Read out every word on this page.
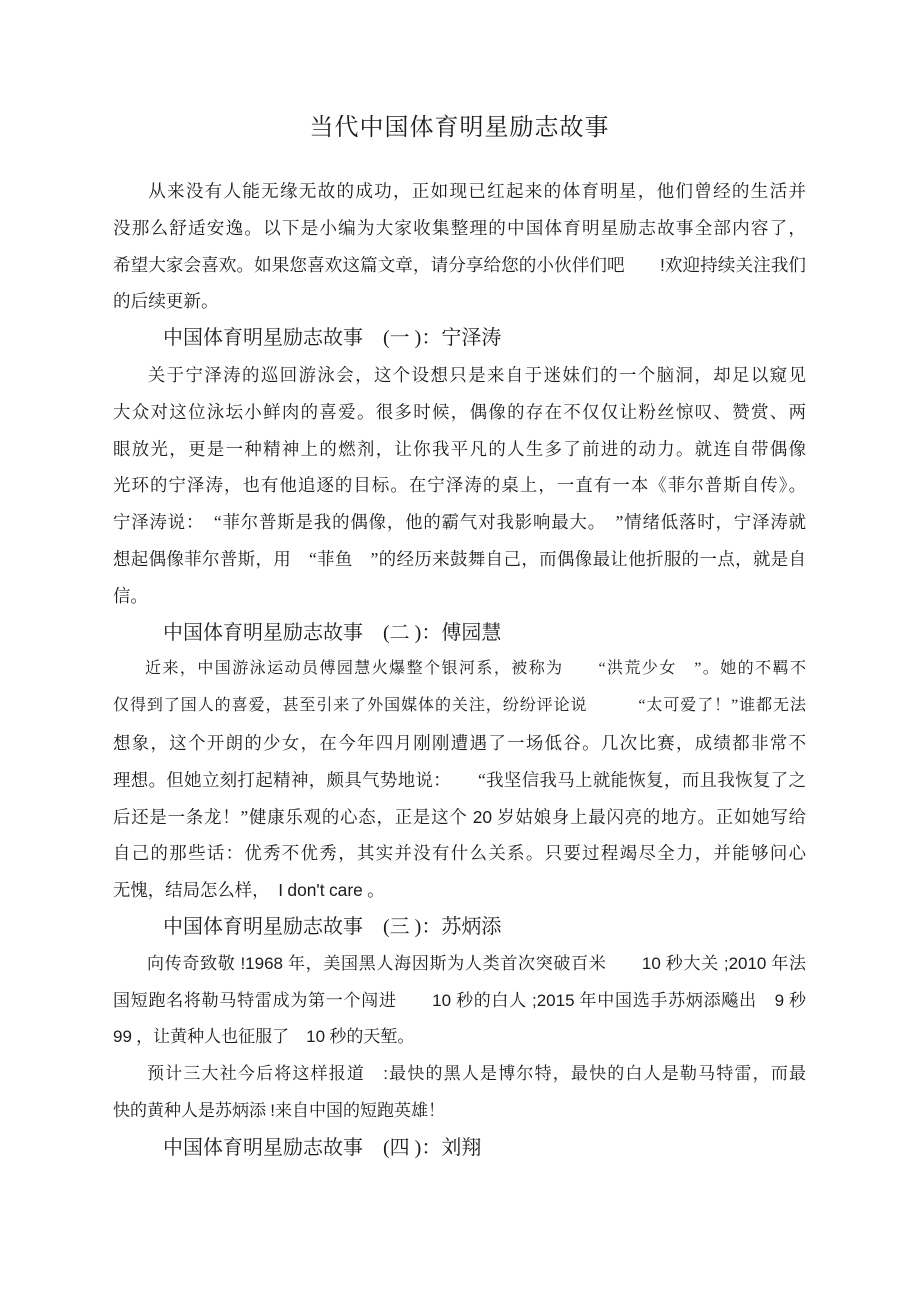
当代中国体育明星励志故事
从来没有人能无缘无故的成功，正如现已红起来的体育明星，他们曾经的生活并
没那么舒适安逸。以下是小编为大家收集整理的中国体育明星励志故事全部内容了，
希望大家会喜欢。如果您喜欢这篇文章，请分享给您的小伙伴们吧　　!欢迎持续关注我们
的后续更新。
中国体育明星励志故事　(一 )：宁泽涛
关于宁泽涛的巡回游泳会，这个设想只是来自于迷妹们的一个脑洞，却足以窥见
大众对这位泳坛小鲜肉的喜爱。很多时候，偶像的存在不仅仅让粉丝惊叹、赞赏、两
眼放光，更是一种精神上的燃剂，让你我平凡的人生多了前进的动力。就连自带偶像
光环的宁泽涛，也有他追逐的目标。在宁泽涛的桌上，一直有一本《菲尔普斯自传》。
宁泽涛说：　“菲尔普斯是我的偶像，他的霸气对我影响最大。　”情绪低落时，宁泽涛就
想起偶像菲尔普斯，用　“菲鱼　”的经历来鼓舞自己，而偶像最让他折服的一点，就是自
信。
中国体育明星励志故事　(二 )：傅园慧
近来，中国游泳运动员傅园慧火爆整个银河系，被称为　　“洪荒少女　”。她的不羁不
仅得到了国人的喜爱，甚至引来了外国媒体的关注，纷纷评论说　　　“太可爱了！”谁都无法
想象，这个开朗的少女，在今年四月刚刚遭遇了一场低谷。几次比赛，成绩都非常不
理想。但她立刻打起精神，颇具气势地说：　　“我坚信我马上就能恢复，而且我恢复了之
后还是一条龙！”健康乐观的心态，正是这个 20 岁姑娘身上最闪亮的地方。正如她写给
自己的那些话：优秀不优秀，其实并没有什么关系。只要过程竭尽全力，并能够问心
无愧，结局怎么样，　I don't care 。
中国体育明星励志故事　(三 )：苏炳添
向传奇致敬 !1968 年，美国黑人海因斯为人类首次突破百米　　10 秒大关 ;2010 年法
国短跑名将勒马特雷成为第一个闯进　　10 秒的白人 ;2015 年中国选手苏炳添飚出　9 秒
99 ，让黄种人也征服了　10 秒的天堑。
预计三大社今后将这样报道　:最快的黑人是博尔特，最快的白人是勒马特雷，而最
快的黄种人是苏炳添 !来自中国的短跑英雄！
中国体育明星励志故事　(四 )：刘翔
